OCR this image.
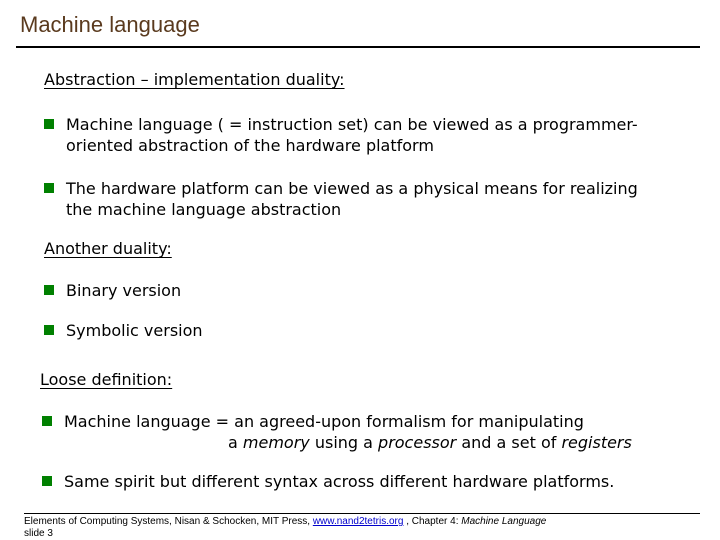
Machine language
Abstraction – implementation duality:
Machine language ( = instruction set) can be viewed as a programmer-
oriented abstraction of the hardware platform
The hardware platform can be viewed as a physical means for realizing
the machine language abstraction
Another duality:
Binary version
Symbolic version
Loose definition:
Machine language = an agreed-upon formalism for manipulating
a memory using a processor and a set of registers
Same spirit but different syntax across different hardware platforms.
Elements of Computing Systems, Nisan & Schocken, MIT Press, www.nand2tetris.org , Chapter 4: Machine Language
slide 3
